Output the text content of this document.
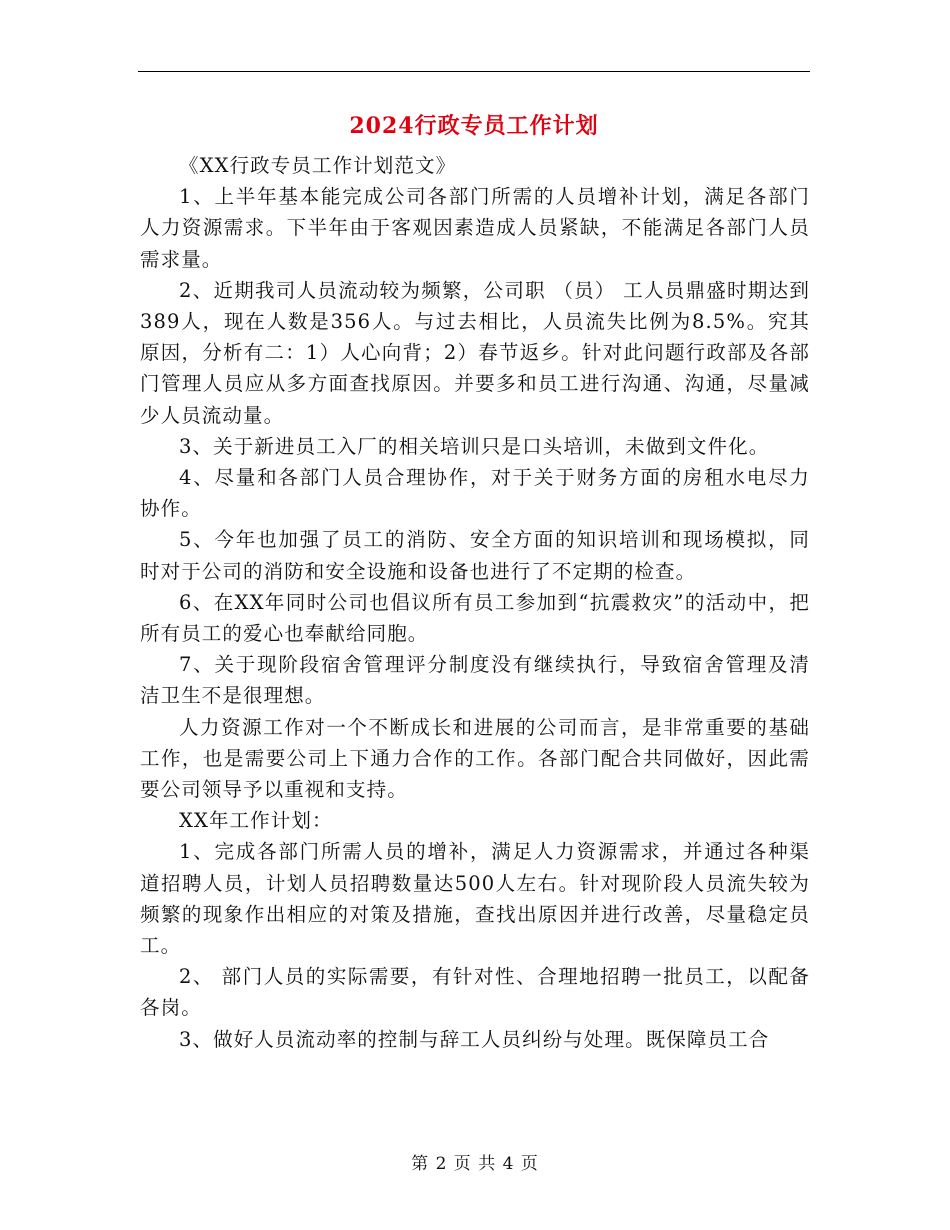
2024行政专员工作计划

《XX行政专员工作计划范文》

1、上半年基本能完成公司各部门所需的人员增补计划，满足各部门人力资源需求。下半年由于客观因素造成人员紧缺，不能满足各部门人员需求量。

2、近期我司人员流动较为频繁，公司职 （员） 工人员鼎盛时期达到389人，现在人数是356人。与过去相比，人员流失比例为8.5%。究其原因，分析有二：1）人心向背；2）春节返乡。针对此问题行政部及各部门管理人员应从多方面查找原因。并要多和员工进行沟通、沟通，尽量减少人员流动量。

3、关于新进员工入厂的相关培训只是口头培训，未做到文件化。

4、尽量和各部门人员合理协作，对于关于财务方面的房租水电尽力协作。

5、今年也加强了员工的消防、安全方面的知识培训和现场模拟，同时对于公司的消防和安全设施和设备也进行了不定期的检查。

6、在XX年同时公司也倡议所有员工参加到“抗震救灾”的活动中，把所有员工的爱心也奉献给同胞。

7、关于现阶段宿舍管理评分制度没有继续执行，导致宿舍管理及清洁卫生不是很理想。

人力资源工作对一个不断成长和进展的公司而言，是非常重要的基础工作，也是需要公司上下通力合作的工作。各部门配合共同做好，因此需要公司领导予以重视和支持。

XX年工作计划：

1、完成各部门所需人员的增补，满足人力资源需求，并通过各种渠道招聘人员，计划人员招聘数量达500人左右。针对现阶段人员流失较为频繁的现象作出相应的对策及措施，查找出原因并进行改善，尽量稳定员工。

2、 部门人员的实际需要，有针对性、合理地招聘一批员工，以配备各岗。

3、做好人员流动率的控制与辞工人员纠纷与处理。既保障员工合

第 2 页 共 4 页
